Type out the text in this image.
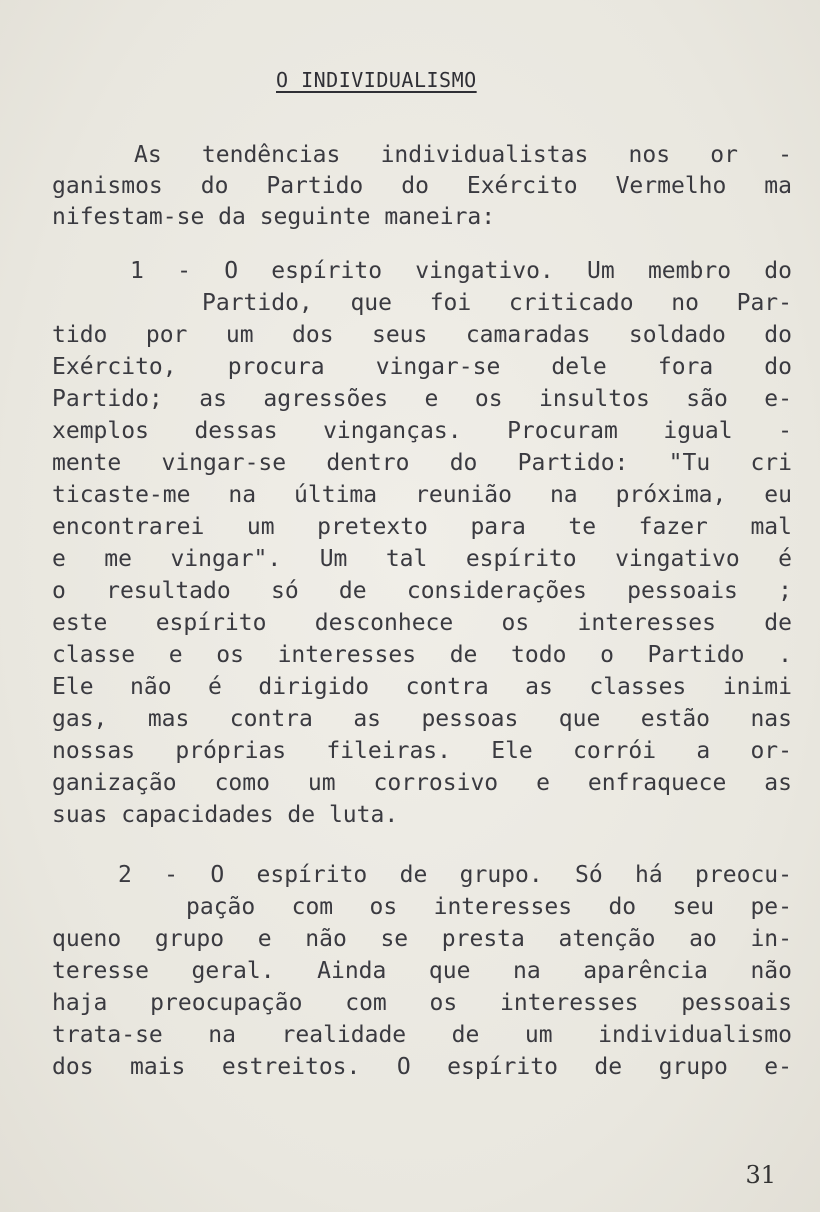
O INDIVIDUALISMO
As tendências individualistas nos or -
ganismos do Partido do Exército Vermelho ma
nifestam-se da seguinte maneira:
1 - O espírito vingativo. Um membro do
Partido, que foi criticado no Par-
tido por um dos seus camaradas soldado do
Exército, procura vingar-se dele fora do
Partido; as agressões e os insultos são e-
xemplos dessas vinganças. Procuram igual -
mente vingar-se dentro do Partido: "Tu cri
ticaste-me na última reunião na próxima, eu
encontrarei um pretexto para te fazer mal
e me vingar". Um tal espírito vingativo é
o resultado só de considerações pessoais ;
este espírito desconhece os interesses de
classe e os interesses de todo o Partido .
Ele não é dirigido contra as classes inimi
gas, mas contra as pessoas que estão nas
nossas próprias fileiras. Ele corrói a or-
ganização como um corrosivo e enfraquece as
suas capacidades de luta.
2 - O espírito de grupo. Só há preocu-
pação com os interesses do seu pe-
queno grupo e não se presta atenção ao in-
teresse geral. Ainda que na aparência não
haja preocupação com os interesses pessoais
trata-se na realidade de um individualismo
dos mais estreitos. O espírito de grupo e-
31
